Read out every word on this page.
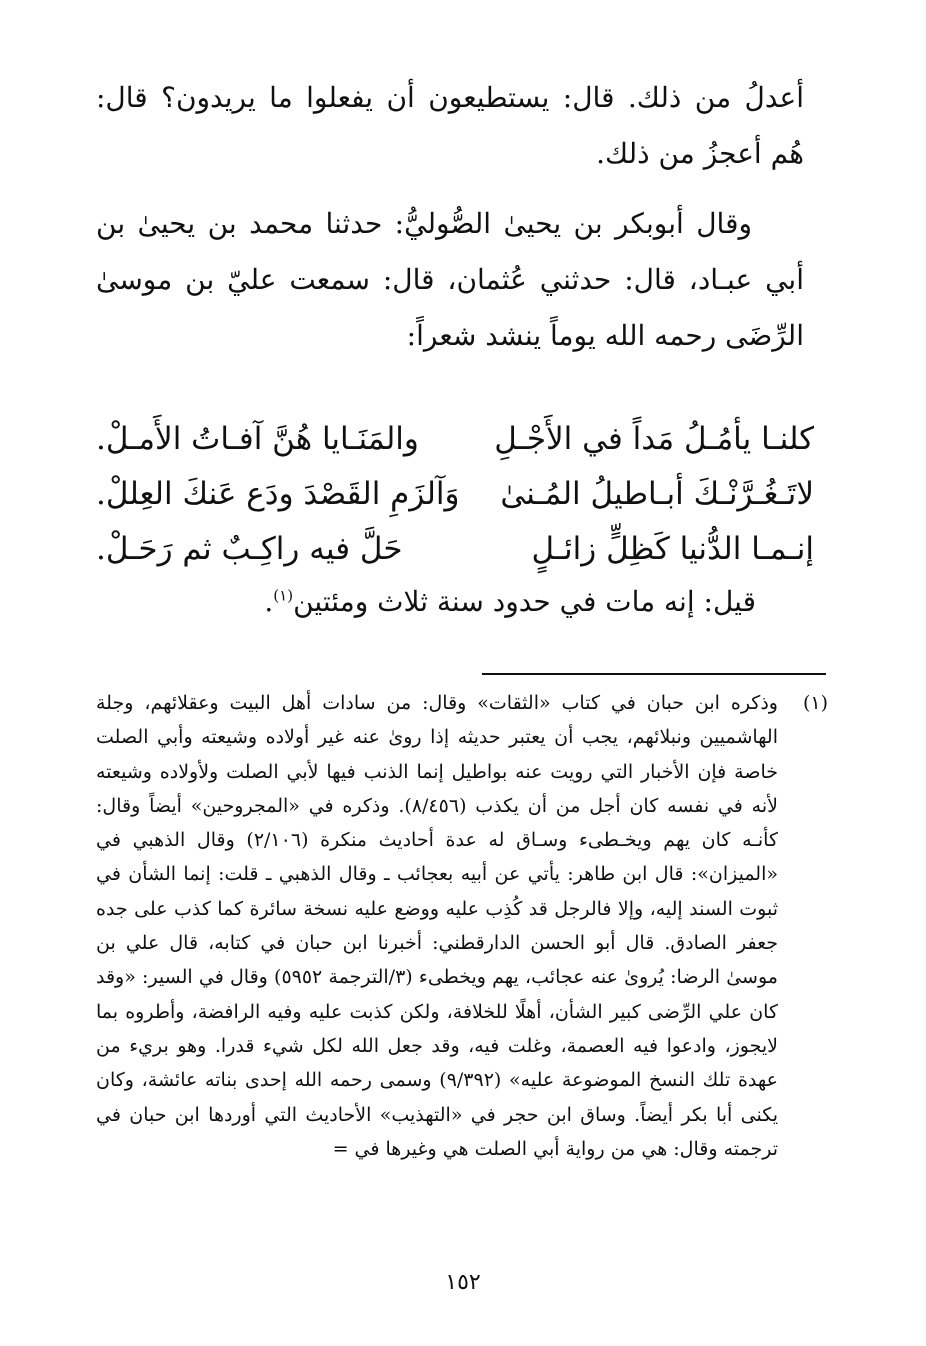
أعدلُ من ذلك. قال: يستطيعون أن يفعلوا ما يريدون؟ قال: هُم أعجزُ من ذلك.

وقال أبوبكر بن يحيىٰ الصُّوليُّ: حدثنا محمد بن يحيىٰ بن أبي عبـاد، قال: حدثني عُثمان، قال: سمعت عليّ بن موسىٰ الرِّضَى رحمه الله يوماً ينشد شعراً:

كلنـا يأمُـلُ مَداً في الأَجْـلِ
والمَنَـايا هُنَّ آفـاتُ الأَمـلْ.
لاتَـغُـرَّنْـكَ أبـاطيلُ المُـنىٰ
وَآلزَمِ القَصْدَ ودَع عَنكَ العِللْ.
إنـمـا الدُّنيا كَظِلٍّ زائـلٍ
حَلَّ فيه راكِـبٌ ثم رَحَـلْ.

قيل: إنه مات في حدود سنة ثلاث ومئتين$^{(١)}$.

(١)
وذكره ابن حبان في كتاب «الثقات» وقال: من سادات أهل البيت وعقلائهم، وجلة الهاشميين ونبلائهم، يجب أن يعتبر حديثه إذا روىٰ عنه غير أولاده وشيعته وأبي الصلت خاصة فإن الأخبار التي رويت عنه بواطيل إنما الذنب فيها لأبي الصلت ولأولاده وشيعته لأنه في نفسه كان أجل من أن يكذب (٨/٤٥٦). وذكره في «المجروحين» أيضاً وقال: كأنـه كان يهم ويخـطىء وسـاق له عدة أحاديث منكرة (٢/١٠٦) وقال الذهبي في «الميزان»: قال ابن طاهر: يأتي عن أبيه بعجائب ـ وقال الذهبي ـ قلت: إنما الشأن في ثبوت السند إليه، وإلا فالرجل قد كُذِب عليه ووضع عليه نسخة سائرة كما كذب على جده جعفر الصادق. قال أبو الحسن الدارقطني: أخبرنا ابن حبان في كتابه، قال علي بن موسىٰ الرضا: يُروىٰ عنه عجائب، يهم ويخطىء (٣/الترجمة ٥٩٥٢) وقال في السير: «وقد كان علي الرِّضى كبير الشأن، أهلًا للخلافة، ولكن كذبت عليه وفيه الرافضة، وأطروه بما لايجوز، وادعوا فيه العصمة، وغلت فيه، وقد جعل الله لكل شيء قدرا. وهو بريء من عهدة تلك النسخ الموضوعة عليه» (٩/٣٩٢) وسمى رحمه الله إحدى بناته عائشة، وكان يكنى أبا بكر أيضاً. وساق ابن حجر في «التهذيب» الأحاديث التي أوردها ابن حبان في ترجمته وقال: هي من رواية أبي الصلت هي وغيرها في =
١٥٢
